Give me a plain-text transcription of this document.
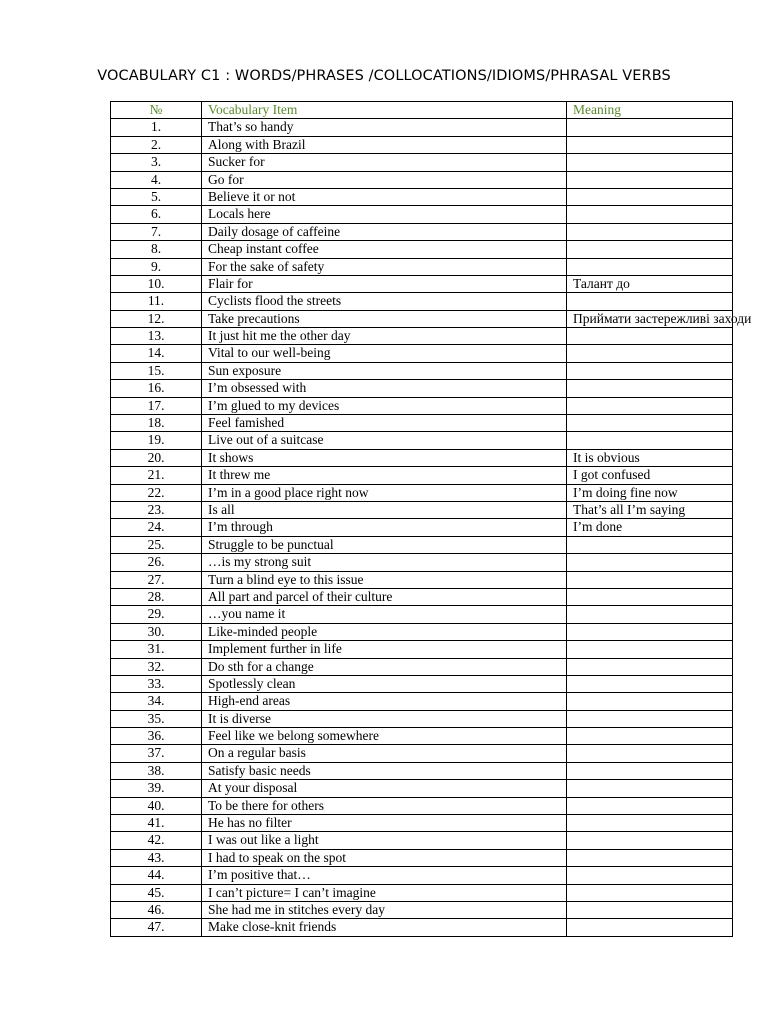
VOCABULARY C1 : WORDS/PHRASES /COLLOCATIONS/IDIOMS/PHRASAL VERBS
№	Vocabulary Item	Meaning
1.	That’s so handy	
2.	Along with Brazil	
3.	Sucker for	
4.	Go for	
5.	Believe it or not	
6.	Locals here	
7.	Daily dosage of caffeine	
8.	Cheap instant coffee	
9.	For the sake of safety	
10.	Flair for	Талант до
11.	Cyclists flood the streets	
12.	Take precautions	Приймати застережливі заходи
13.	It just hit me the other day	
14.	Vital to our well-being	
15.	Sun exposure	
16.	I’m obsessed with	
17.	I’m glued to my devices	
18.	Feel famished	
19.	Live out of a suitcase	
20.	It shows	It is obvious
21.	It threw me	I got confused
22.	I’m in a good place right now	I’m doing fine now
23.	Is all	That’s all I’m saying
24.	I’m through	I’m done
25.	Struggle to be punctual	
26.	…is my strong suit	
27.	Turn a blind eye to this issue	
28.	All part and parcel of their culture	
29.	…you name it	
30.	Like-minded people	
31.	Implement further in life	
32.	Do sth for a change	
33.	Spotlessly clean	
34.	High-end areas	
35.	It is diverse	
36.	Feel like we belong somewhere	
37.	On a regular basis	
38.	Satisfy basic needs	
39.	At your disposal	
40.	To be there for others	
41.	He has no filter	
42.	I was out like a light	
43.	I had to speak on the spot	
44.	I’m positive that…	
45.	I can’t picture= I can’t imagine	
46.	She had me in stitches every day	
47.	Make close-knit friends	
